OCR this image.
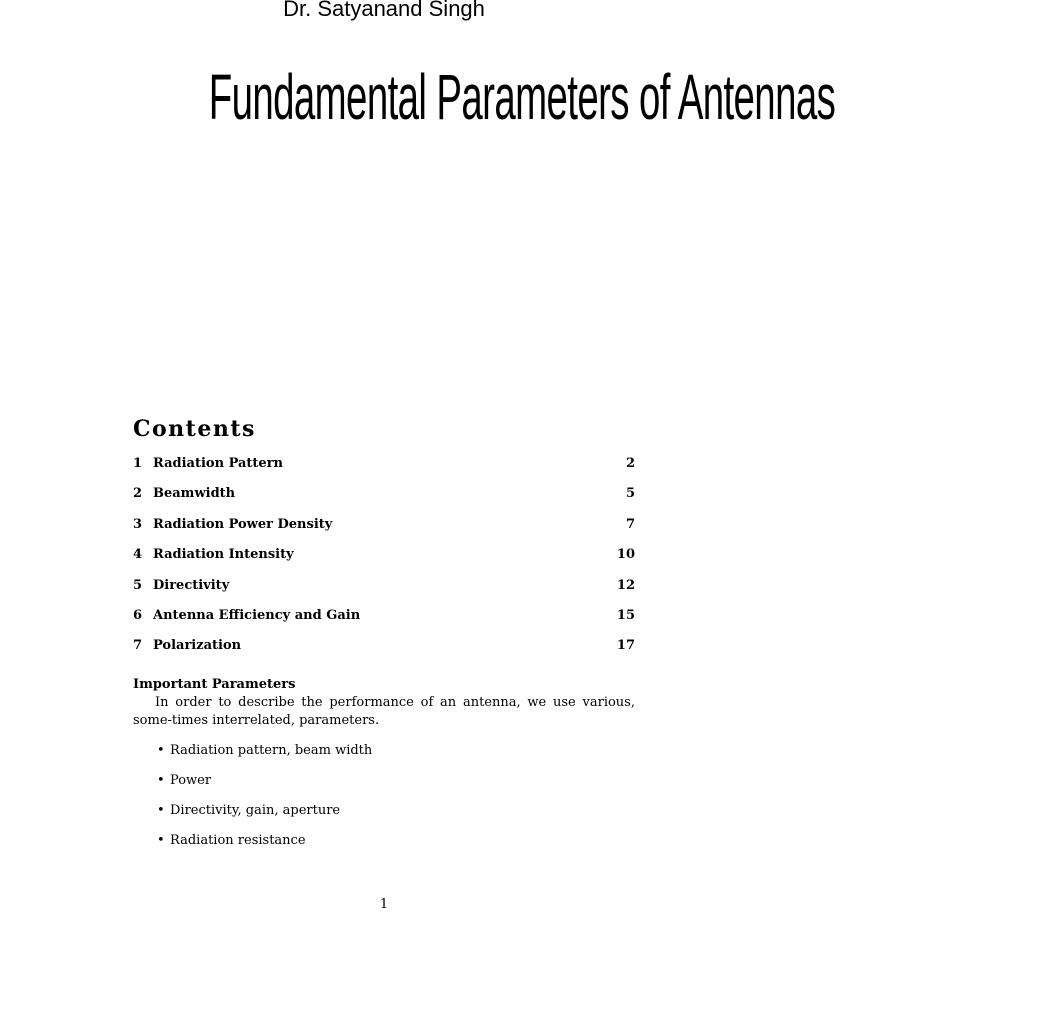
Dr. Satyanand Singh
Fundamental Parameters of Antennas
Contents
1 Radiation Pattern	2
2 Beamwidth	5
3 Radiation Power Density	7
4 Radiation Intensity	10
5 Directivity	12
6 Antenna Efficiency and Gain	15
7 Polarization	17
Important Parameters
In order to describe the performance of an antenna, we use various, some-times interrelated, parameters.
• Radiation pattern, beam width
• Power
• Directivity, gain, aperture
• Radiation resistance
1
